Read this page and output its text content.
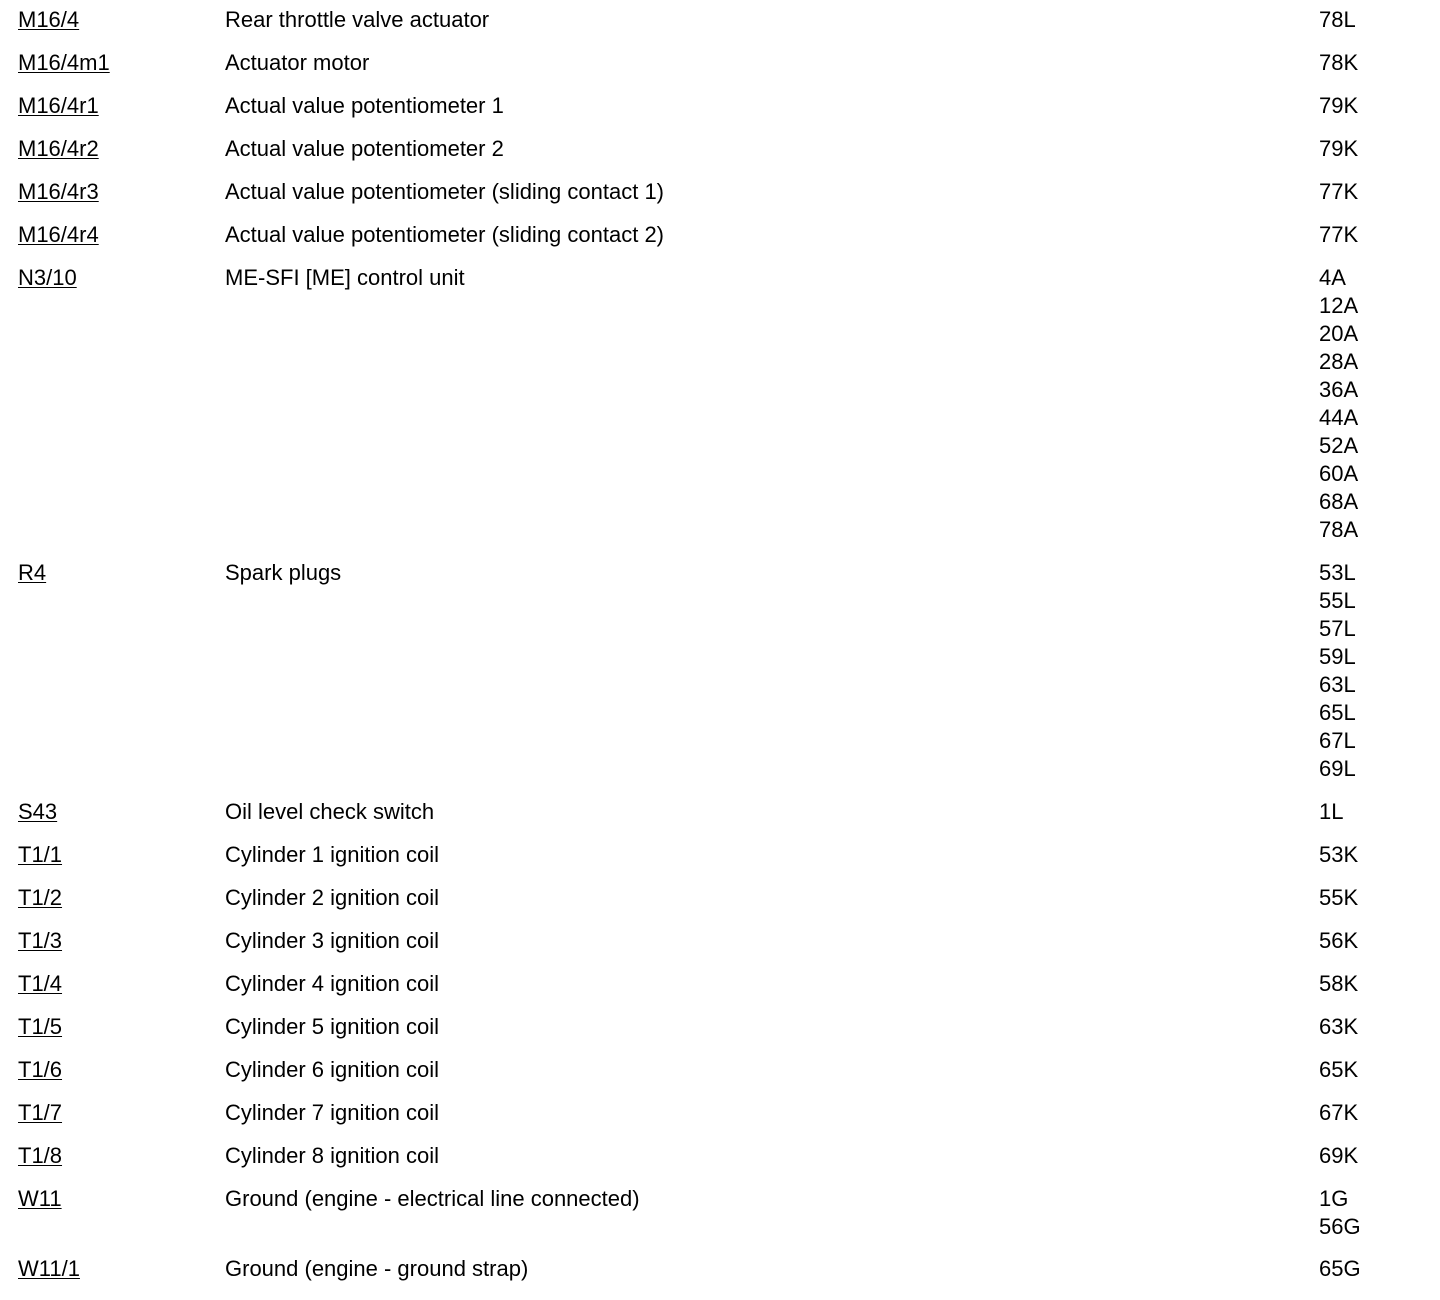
M16/4	Rear throttle valve actuator	78L
M16/4m1	Actuator motor	78K
M16/4r1	Actual value potentiometer 1	79K
M16/4r2	Actual value potentiometer 2	79K
M16/4r3	Actual value potentiometer (sliding contact 1)	77K
M16/4r4	Actual value potentiometer (sliding contact 2)	77K
N3/10	ME-SFI [ME] control unit	4A
12A
20A
28A
36A
44A
52A
60A
68A
78A
R4	Spark plugs	53L
55L
57L
59L
63L
65L
67L
69L
S43	Oil level check switch	1L
T1/1	Cylinder 1 ignition coil	53K
T1/2	Cylinder 2 ignition coil	55K
T1/3	Cylinder 3 ignition coil	56K
T1/4	Cylinder 4 ignition coil	58K
T1/5	Cylinder 5 ignition coil	63K
T1/6	Cylinder 6 ignition coil	65K
T1/7	Cylinder 7 ignition coil	67K
T1/8	Cylinder 8 ignition coil	69K
W11	Ground (engine - electrical line connected)	1G
56G
W11/1	Ground (engine - ground strap)	65G
